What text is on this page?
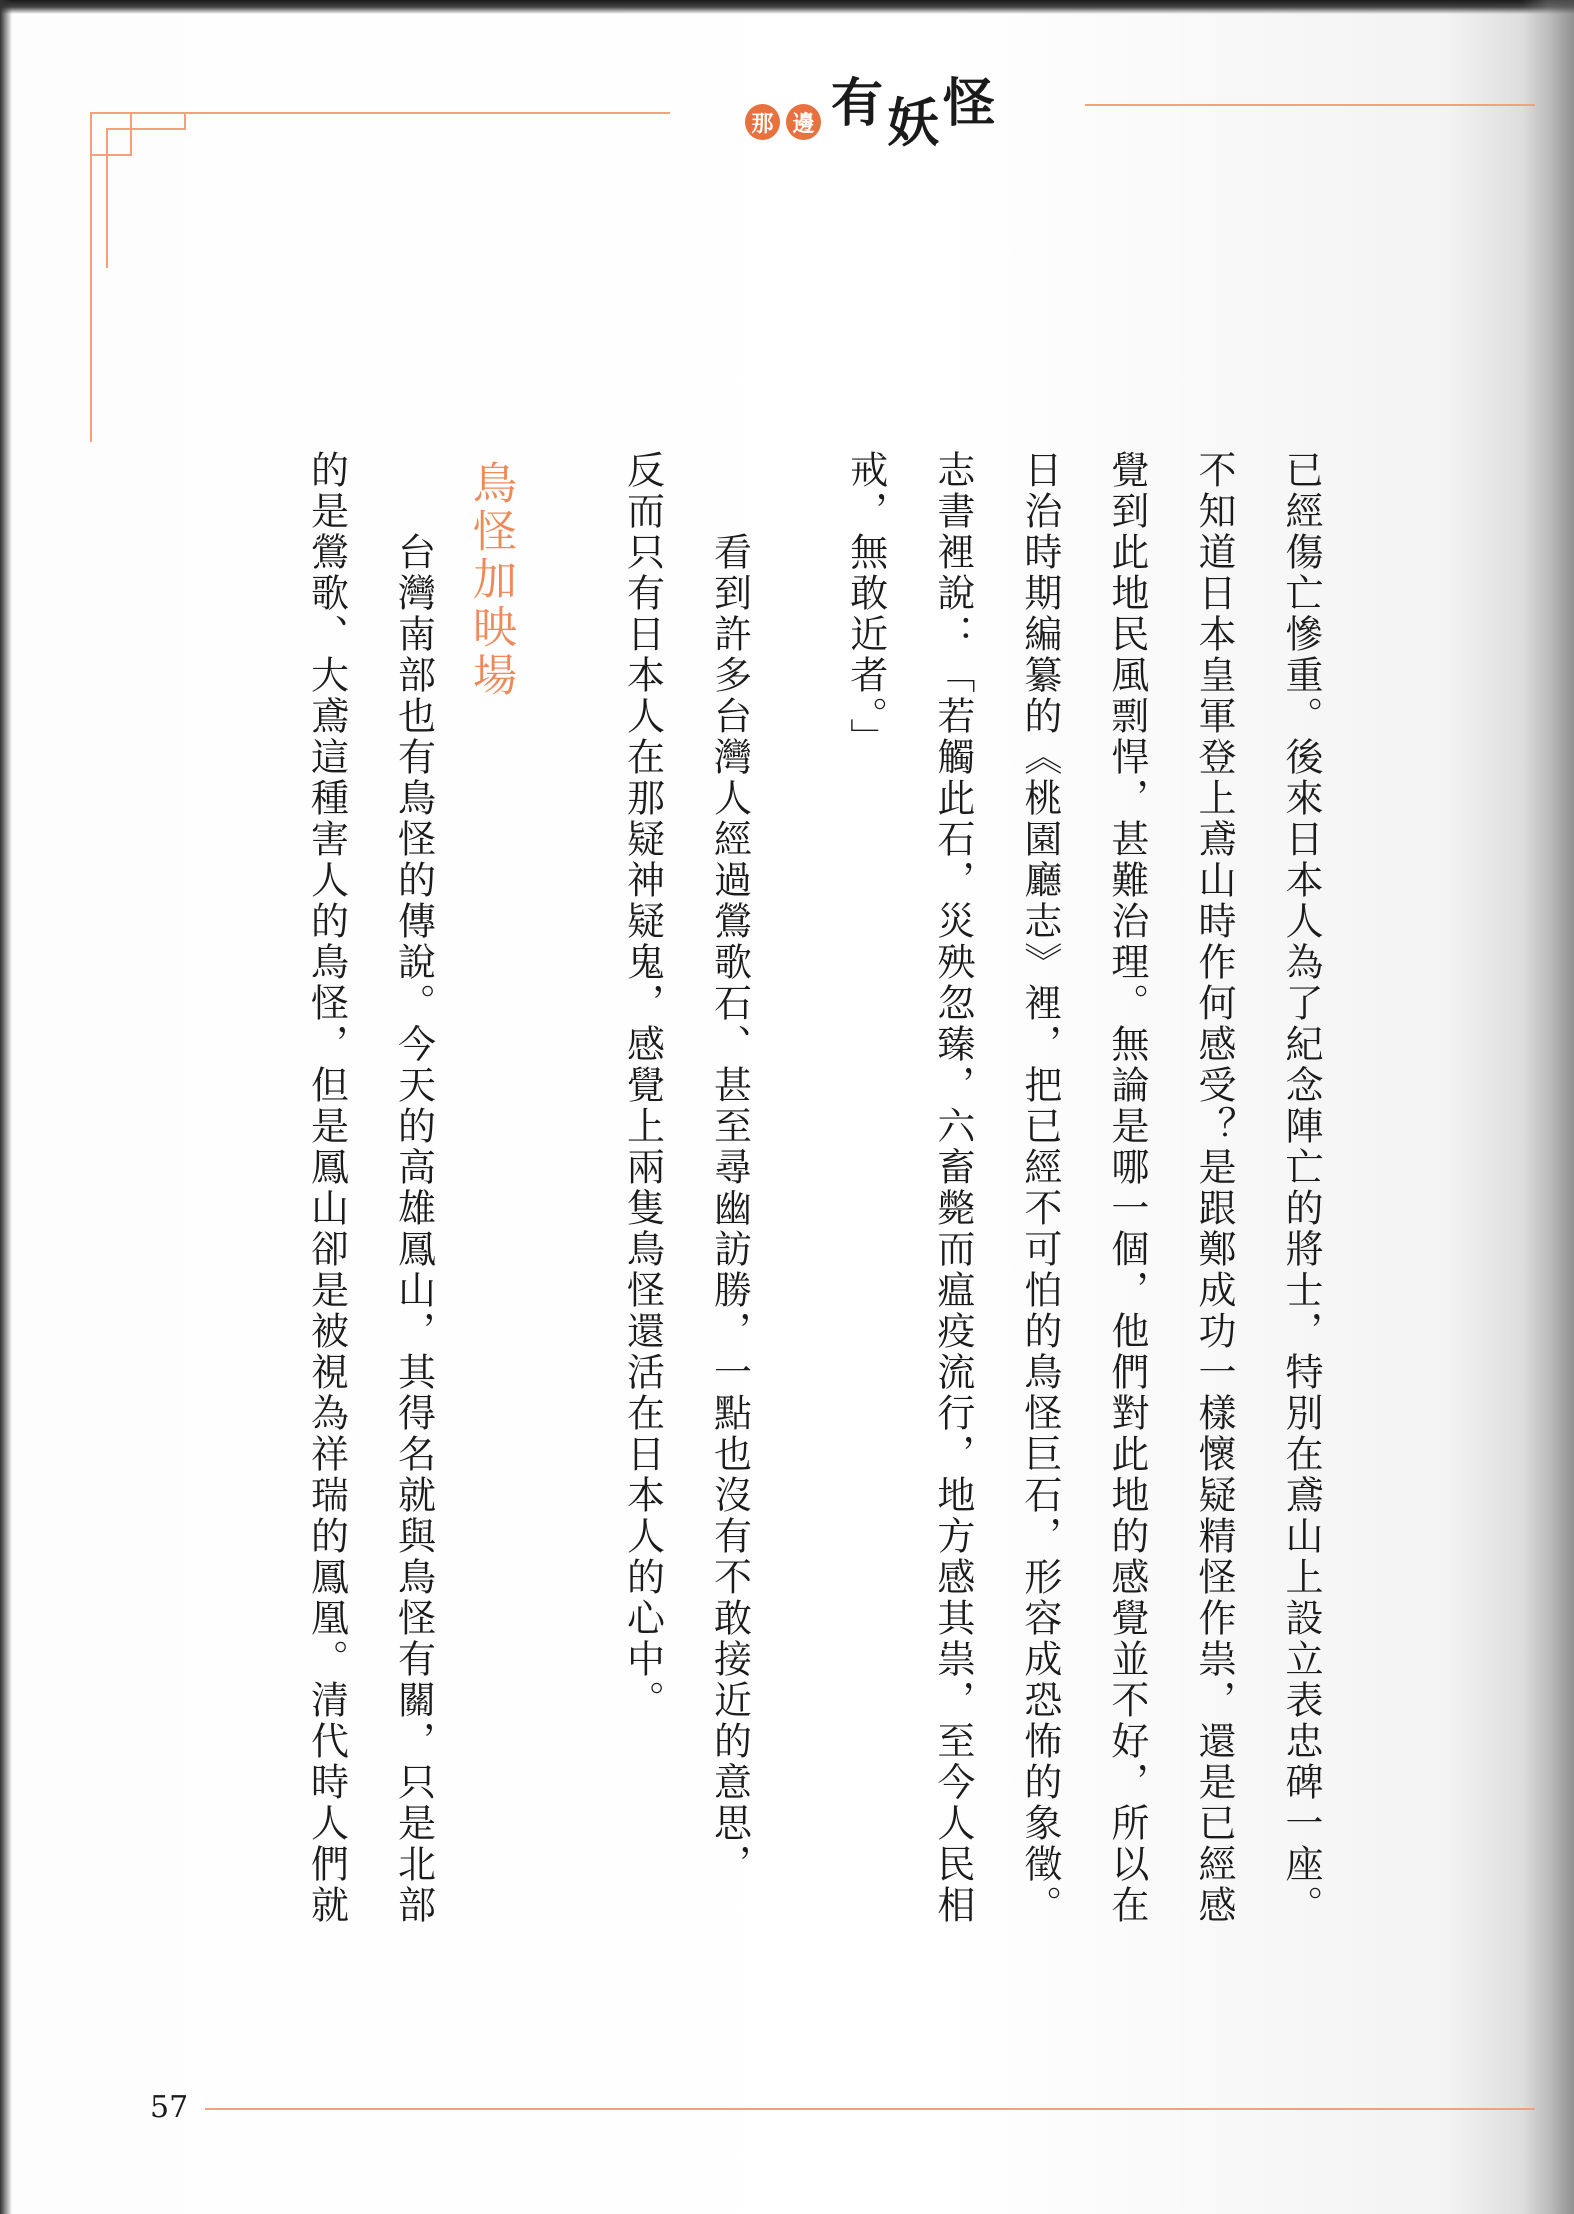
那 邊 有 妖 怪
已經傷亡慘重。後來日本人為了紀念陣亡的將士，特別在鳶山上設立表忠碑一座。
不知道日本皇軍登上鳶山時作何感受？是跟鄭成功一樣懷疑精怪作祟，還是已經感
覺到此地民風剽悍，甚難治理。無論是哪一個，他們對此地的感覺並不好，所以在
日治時期編纂的《桃園廳志》裡，把已經不可怕的鳥怪巨石，形容成恐怖的象徵。
志書裡說：「若觸此石，災殃忽臻，六畜斃而瘟疫流行，地方感其祟，至今人民相
戒，無敢近者。」
　　看到許多台灣人經過鶯歌石、甚至尋幽訪勝，一點也沒有不敢接近的意思，
反而只有日本人在那疑神疑鬼，感覺上兩隻鳥怪還活在日本人的心中。
鳥怪加映場
　　台灣南部也有鳥怪的傳說。今天的高雄鳳山，其得名就與鳥怪有關，只是北部
的是鶯歌、大鳶這種害人的鳥怪，但是鳳山卻是被視為祥瑞的鳳凰。清代時人們就
57
